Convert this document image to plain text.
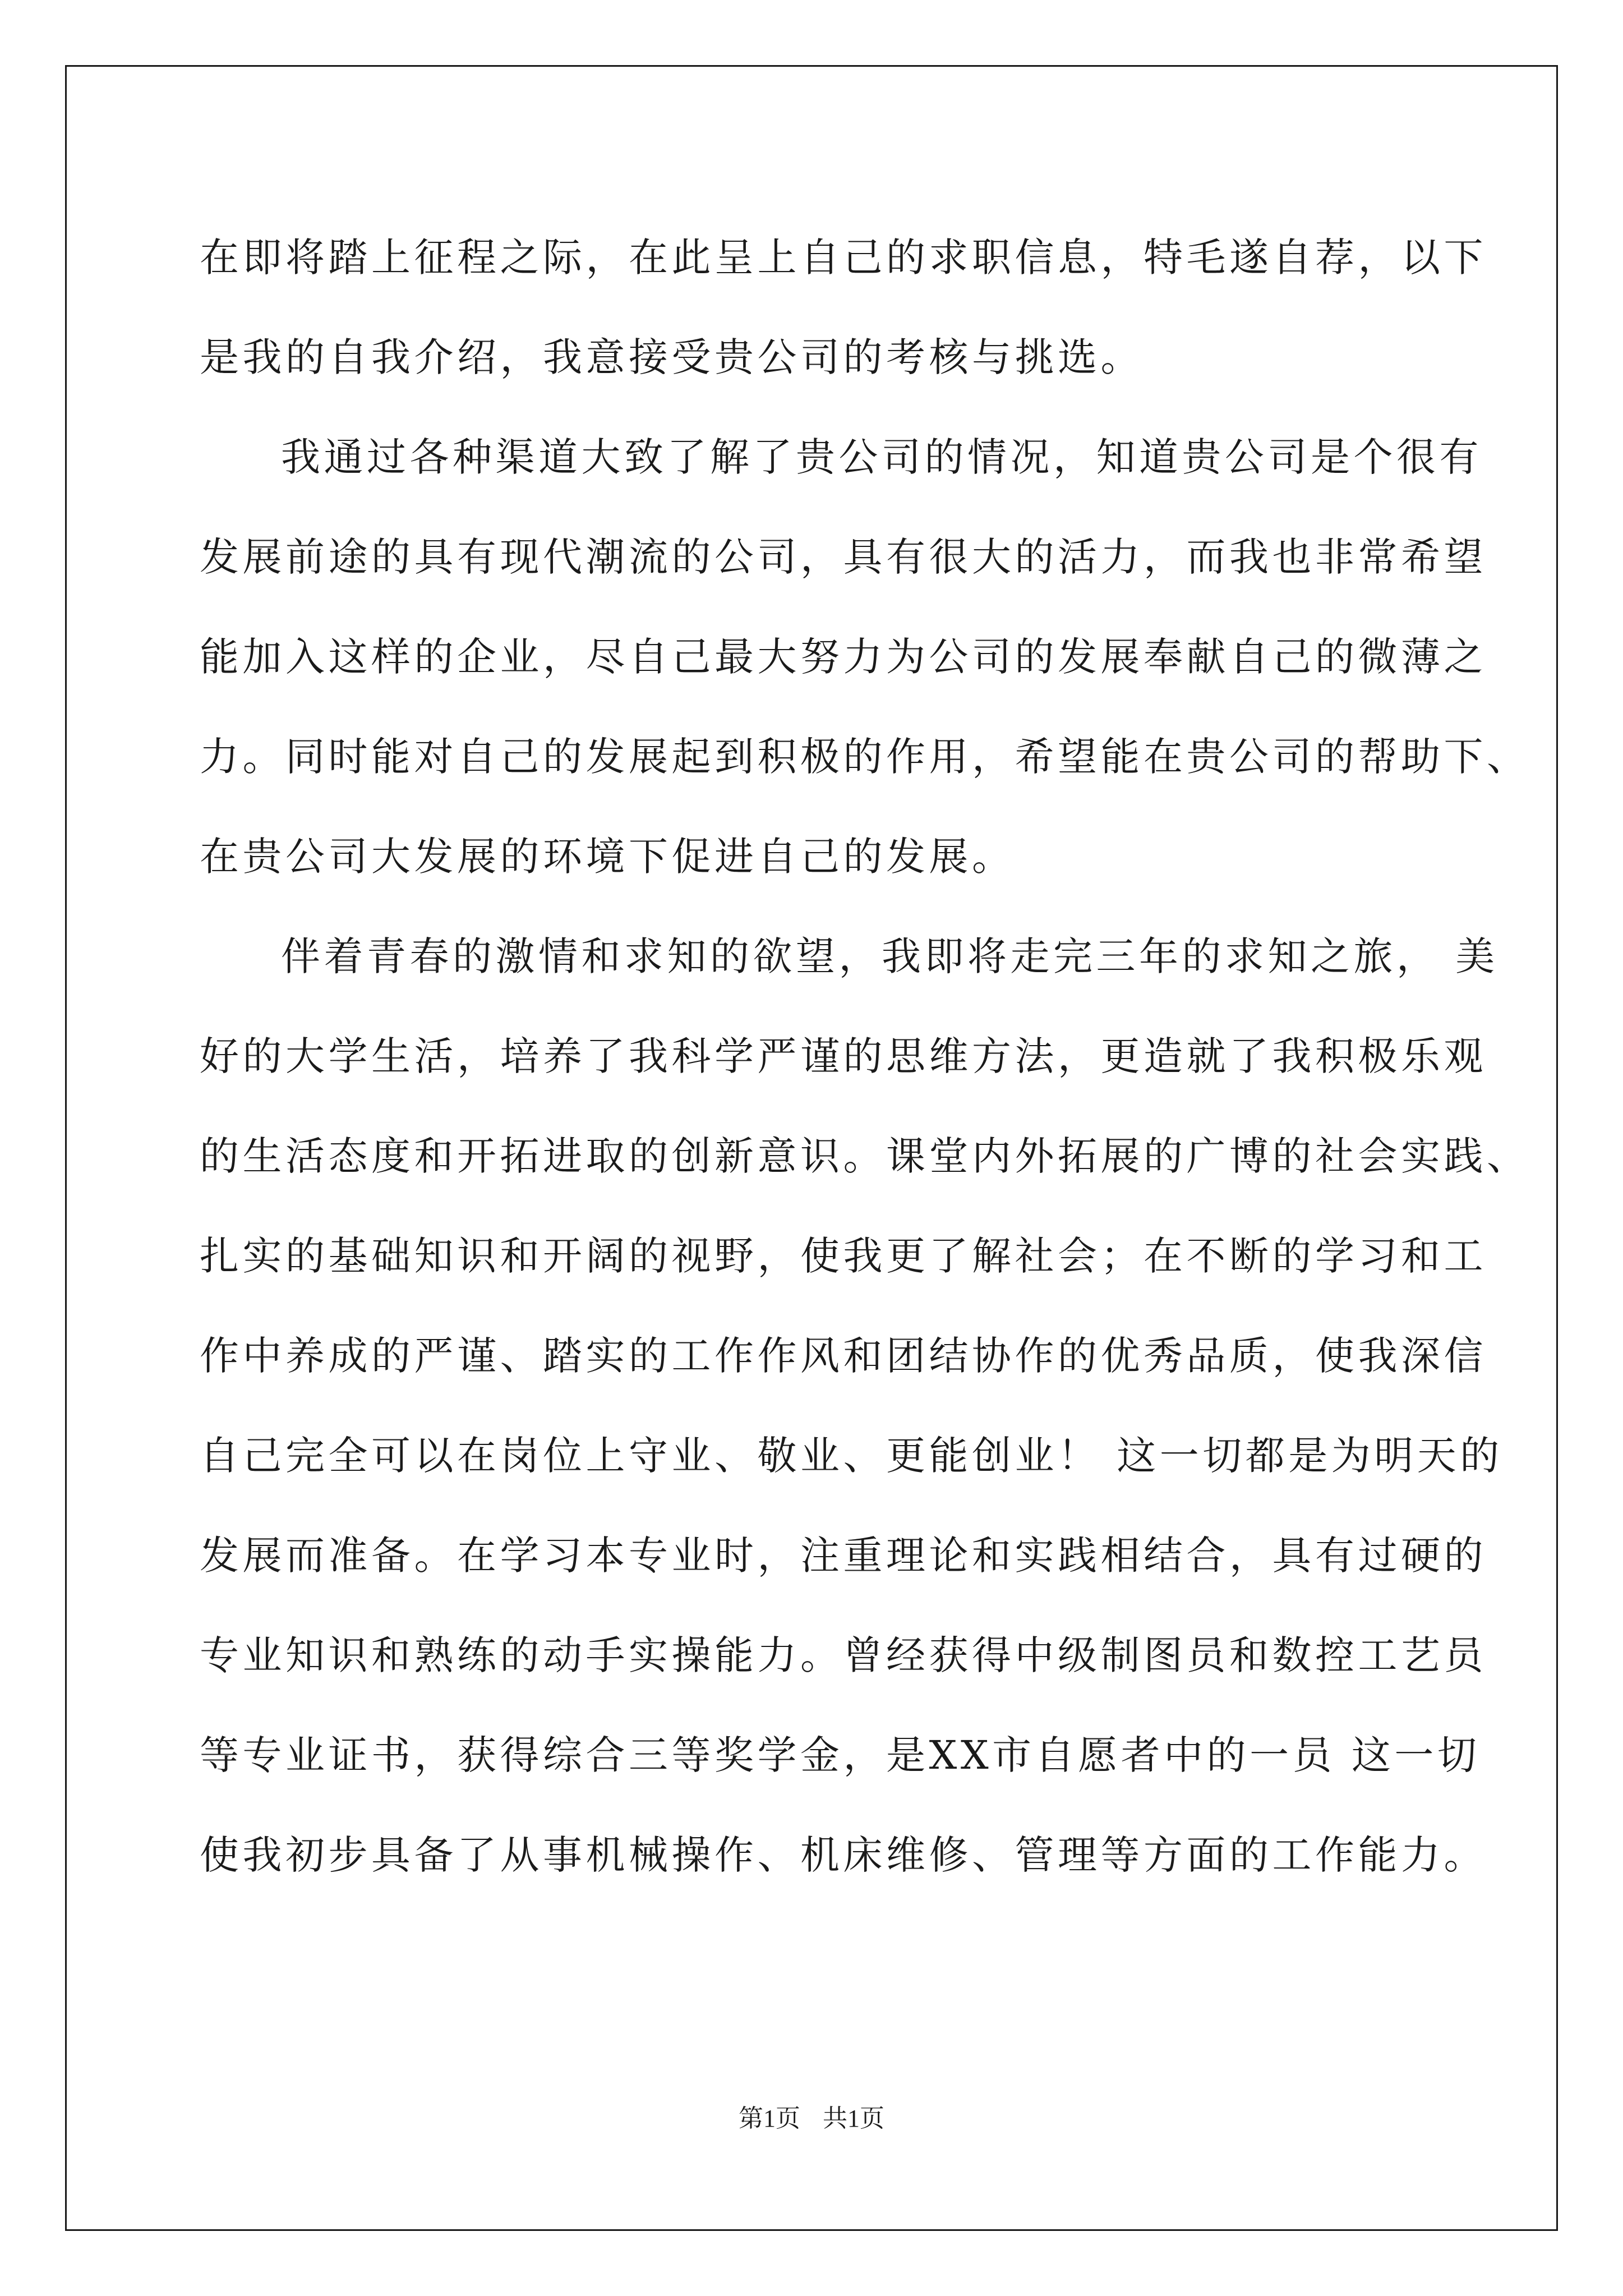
在即将踏上征程之际，在此呈上自己的求职信息，特毛遂自荐，以下
是我的自我介绍，我意接受贵公司的考核与挑选。
我通过各种渠道大致了解了贵公司的情况，知道贵公司是个很有
发展前途的具有现代潮流的公司，具有很大的活力，而我也非常希望
能加入这样的企业，尽自己最大努力为公司的发展奉献自己的微薄之
力。同时能对自己的发展起到积极的作用，希望能在贵公司的帮助下、
在贵公司大发展的环境下促进自己的发展。
伴着青春的激情和求知的欲望，我即将走完三年的求知之旅， 美
好的大学生活，培养了我科学严谨的思维方法，更造就了我积极乐观
的生活态度和开拓进取的创新意识。课堂内外拓展的广博的社会实践、
扎实的基础知识和开阔的视野，使我更了解社会；在不断的学习和工
作中养成的严谨、踏实的工作作风和团结协作的优秀品质，使我深信
自己完全可以在岗位上守业、敬业、更能创业！ 这一切都是为明天的
发展而准备。在学习本专业时，注重理论和实践相结合，具有过硬的
专业知识和熟练的动手实操能力。曾经获得中级制图员和数控工艺员
等专业证书，获得综合三等奖学金，是XX市自愿者中的一员 这一切
使我初步具备了从事机械操作、机床维修、管理等方面的工作能力。
第1页 共1页
